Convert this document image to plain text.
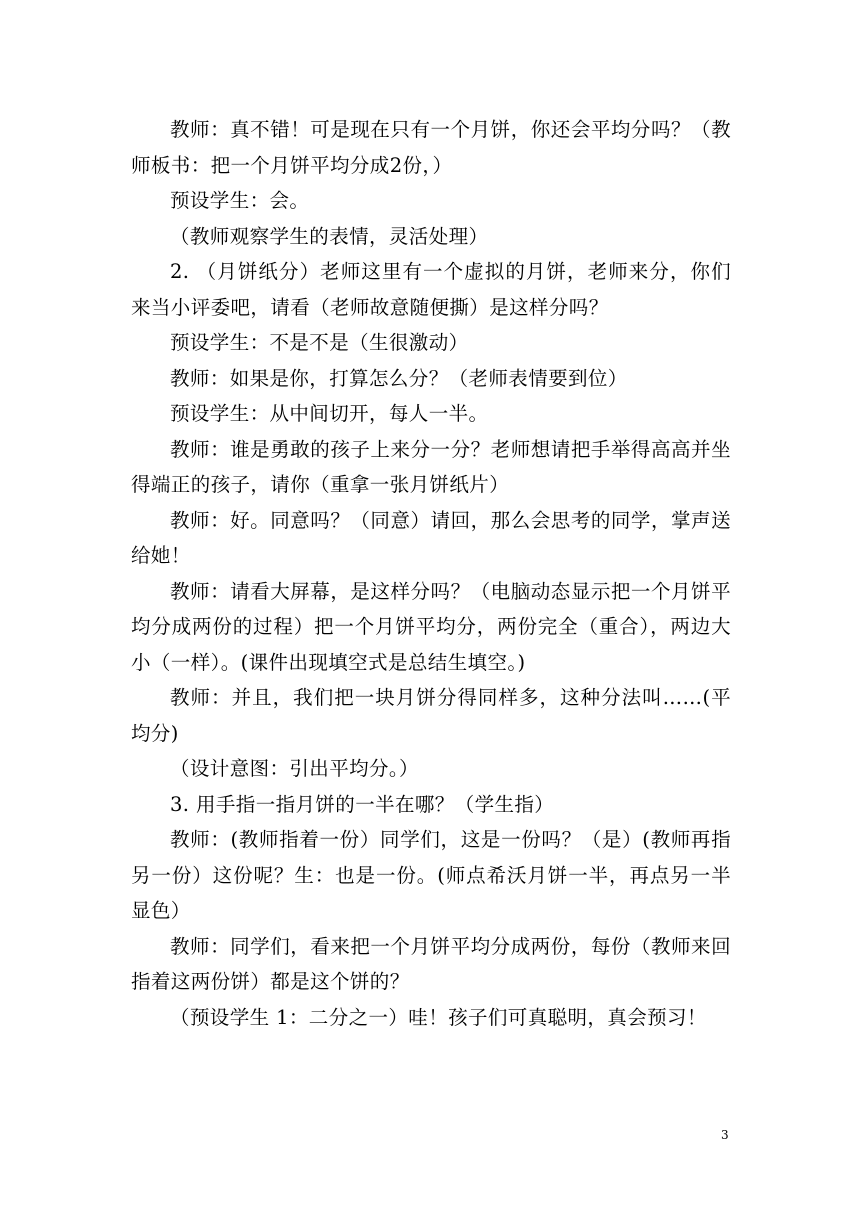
教师：真不错！可是现在只有一个月饼，你还会平均分吗？（教师板书：把一个月饼平均分成2份，）

预设学生：会。

（教师观察学生的表情，灵活处理）

2. （月饼纸分）老师这里有一个虚拟的月饼，老师来分，你们来当小评委吧，请看（老师故意随便撕）是这样分吗？

预设学生：不是不是（生很激动）

教师：如果是你，打算怎么分？（老师表情要到位）

预设学生：从中间切开，每人一半。

教师：谁是勇敢的孩子上来分一分？老师想请把手举得高高并坐得端正的孩子，请你（重拿一张月饼纸片）

教师：好。同意吗？（同意）请回，那么会思考的同学，掌声送给她！

教师：请看大屏幕，是这样分吗？（电脑动态显示把一个月饼平均分成两份的过程）把一个月饼平均分，两份完全（重合），两边大小（一样）。(课件出现填空式是总结生填空。)

教师：并且，我们把一块月饼分得同样多，这种分法叫……(平均分)

（设计意图：引出平均分。）

3. 用手指一指月饼的一半在哪？（学生指）

教师：(教师指着一份）同学们，这是一份吗？（是）(教师再指另一份）这份呢？生：也是一份。(师点希沃月饼一半，再点另一半显色）

教师：同学们，看来把一个月饼平均分成两份，每份（教师来回指着这两份饼）都是这个饼的？

（预设学生 1：二分之一）哇！孩子们可真聪明，真会预习！

3
